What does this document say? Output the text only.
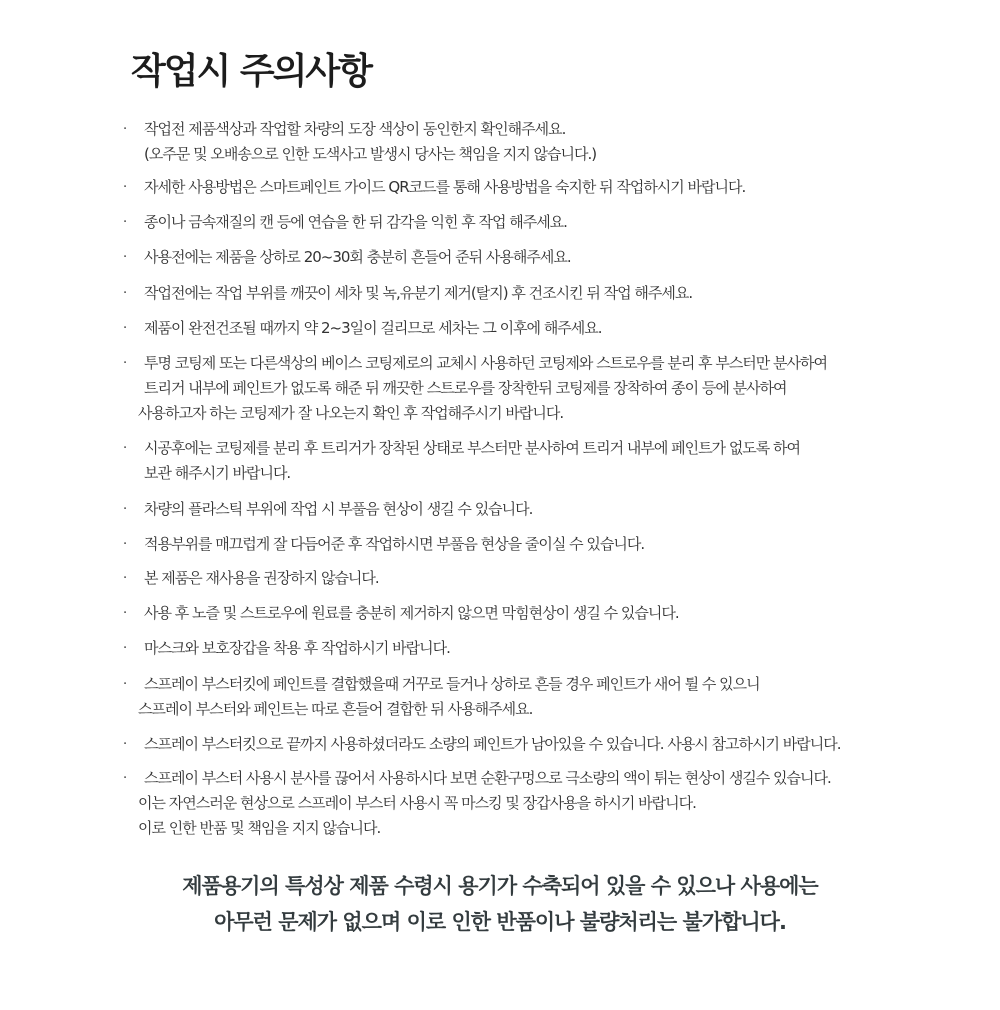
작업시 주의사항
· 작업전 제품색상과 작업할 차량의 도장 색상이 동인한지 확인해주세요.
(오주문 및 오배송으로 인한 도색사고 발생시 당사는 책임을 지지 않습니다.)
· 자세한 사용방법은 스마트페인트 가이드 QR코드를 통해 사용방법을 숙지한 뒤 작업하시기 바랍니다.
· 종이나 금속재질의 캔 등에 연습을 한 뒤 감각을 익힌 후 작업 해주세요.
· 사용전에는 제품을 상하로 20~30회 충분히 흔들어 준뒤 사용해주세요.
· 작업전에는 작업 부위를 깨끗이 세차 및 녹,유분기 제거(탈지) 후 건조시킨 뒤 작업 해주세요.
· 제품이 완전건조될 때까지 약 2~3일이 걸리므로 세차는 그 이후에 해주세요.
· 투명 코팅제 또는 다른색상의 베이스 코팅제로의 교체시 사용하던 코팅제와 스트로우를 분리 후 부스터만 분사하여
트리거 내부에 페인트가 없도록 해준 뒤 깨끗한 스트로우를 장착한뒤 코팅제를 장착하여 종이 등에 분사하여
사용하고자 하는 코팅제가 잘 나오는지 확인 후 작업해주시기 바랍니다.
· 시공후에는 코팅제를 분리 후 트리거가 장착된 상태로 부스터만 분사하여 트리거 내부에 페인트가 없도록 하여
보관 해주시기 바랍니다.
· 차량의 플라스틱 부위에 작업 시 부풀음 현상이 생길 수 있습니다.
· 적용부위를 매끄럽게 잘 다듬어준 후 작업하시면 부풀음 현상을 줄이실 수 있습니다.
· 본 제품은 재사용을 권장하지 않습니다.
· 사용 후 노즐 및 스트로우에 원료를 충분히 제거하지 않으면 막힘현상이 생길 수 있습니다.
· 마스크와 보호장갑을 착용 후 작업하시기 바랍니다.
· 스프레이 부스터킷에 페인트를 결합했을때 거꾸로 들거나 상하로 흔들 경우 페인트가 새어 튈 수 있으니
스프레이 부스터와 페인트는 따로 흔들어 결합한 뒤 사용해주세요.
· 스프레이 부스터킷으로 끝까지 사용하셨더라도 소량의 페인트가 남아있을 수 있습니다. 사용시 참고하시기 바랍니다.
· 스프레이 부스터 사용시 분사를 끊어서 사용하시다 보면 순환구멍으로 극소량의 액이 튀는 현상이 생길수 있습니다.
이는 자연스러운 현상으로 스프레이 부스터 사용시 꼭 마스킹 및 장갑사용을 하시기 바랍니다.
이로 인한 반품 및 책임을 지지 않습니다.
제품용기의 특성상 제품 수령시 용기가 수축되어 있을 수 있으나 사용에는
아무런 문제가 없으며 이로 인한 반품이나 불량처리는 불가합니다.
